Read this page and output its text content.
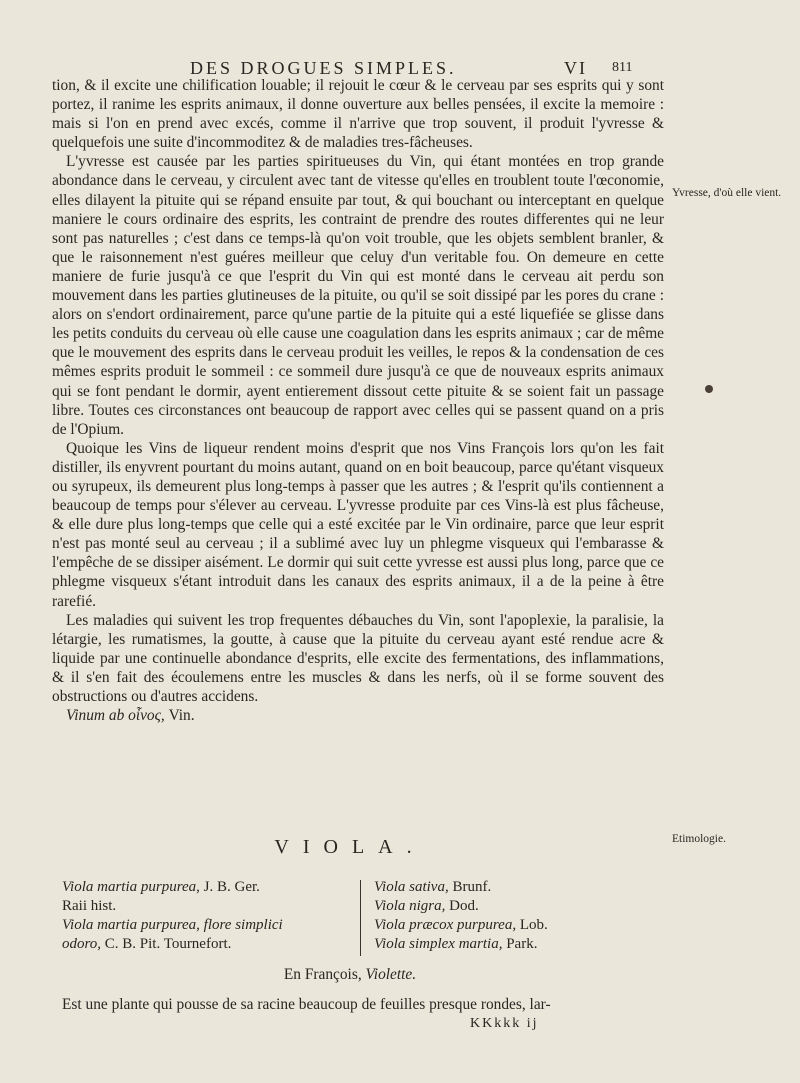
DES DROGUES SIMPLES.	VI 811

tion, & il excite une chilification louable; il rejouit le cœur & le cerveau par ses esprits qui y sont portez, il ranime les esprits animaux, il donne ouverture aux belles pensées, il excite la memoire : mais si l'on en prend avec excés, comme il n'arrive que trop souvent, il produit l'yvresse & quelquefois une suite d'incommoditez & de maladies tres-fâcheuses.

L'yvresse est causée par les parties spiritueuses du Vin, qui étant montées en trop grande abondance dans le cerveau, y circulent avec tant de vitesse qu'elles en troublent toute l'œconomie, elles dilayent la pituite qui se répand ensuite par tout, & qui bouchant ou interceptant en quelque maniere le cours ordinaire des esprits, les contraint de prendre des routes differentes qui ne leur sont pas naturelles ; c'est dans ce temps-là qu'on voit trouble, que les objets semblent branler, & que le raisonnement n'est guéres meilleur que celuy d'un veritable fou. On demeure en cette maniere de furie jusqu'à ce que l'esprit du Vin qui est monté dans le cerveau ait perdu son mouvement dans les parties glutineuses de la pituite, ou qu'il se soit dissipé par les pores du crane : alors on s'endort ordinairement, parce qu'une partie de la pituite qui a esté liquefiée se glisse dans les petits conduits du cerveau où elle cause une coagulation dans les esprits animaux ; car de même que le mouvement des esprits dans le cerveau produit les veilles, le repos & la condensation de ces mêmes esprits produit le sommeil : ce sommeil dure jusqu'à ce que de nouveaux esprits animaux qui se font pendant le dormir, ayent entierement dissout cette pituite & se soient fait un passage libre. Toutes ces circonstances ont beaucoup de rapport avec celles qui se passent quand on a pris de l'Opium.

Quoique les Vins de liqueur rendent moins d'esprit que nos Vins François lors qu'on les fait distiller, ils enyvrent pourtant du moins autant, quand on en boit beaucoup, parce qu'étant visqueux ou syrupeux, ils demeurent plus long-temps à passer que les autres ; & l'esprit qu'ils contiennent a beaucoup de temps pour s'élever au cerveau. L'yvresse produite par ces Vins-là est plus fâcheuse, & elle dure plus long-temps que celle qui a esté excitée par le Vin ordinaire, parce que leur esprit n'est pas monté seul au cerveau ; il a sublimé avec luy un phlegme visqueux qui l'embarasse & l'empêche de se dissiper aisément. Le dormir qui suit cette yvresse est aussi plus long, parce que ce phlegme visqueux s'étant introduit dans les canaux des esprits animaux, il a de la peine à être rarefié.

Les maladies qui suivent les trop frequentes débauches du Vin, sont l'apoplexie, la paralisie, la létargie, les rumatismes, la goutte, à cause que la pituite du cerveau ayant esté rendue acre & liquide par une continuelle abondance d'esprits, elle excite des fermentations, des inflammations, & il s'en fait des écoulemens entre les muscles & dans les nerfs, où il se forme souvent des obstructions ou d'autres accidens.

Vinum ab οἶνος, Vin.

Yvresse, d'où elle vient.
Etimologie.
VIOLA.
Viola martia purpurea, J. B. Ger.
Raii hist.
Viola martia purpurea, flore simplici
odoro, C. B. Pit. Tournefort.
Viola sativa, Brunf.
Viola nigra, Dod.
Viola præcox purpurea, Lob.
Viola simplex martia, Park.
En François, Violette.
Est une plante qui pousse de sa racine beaucoup de feuilles presque rondes, lar-
KKkkk ij
